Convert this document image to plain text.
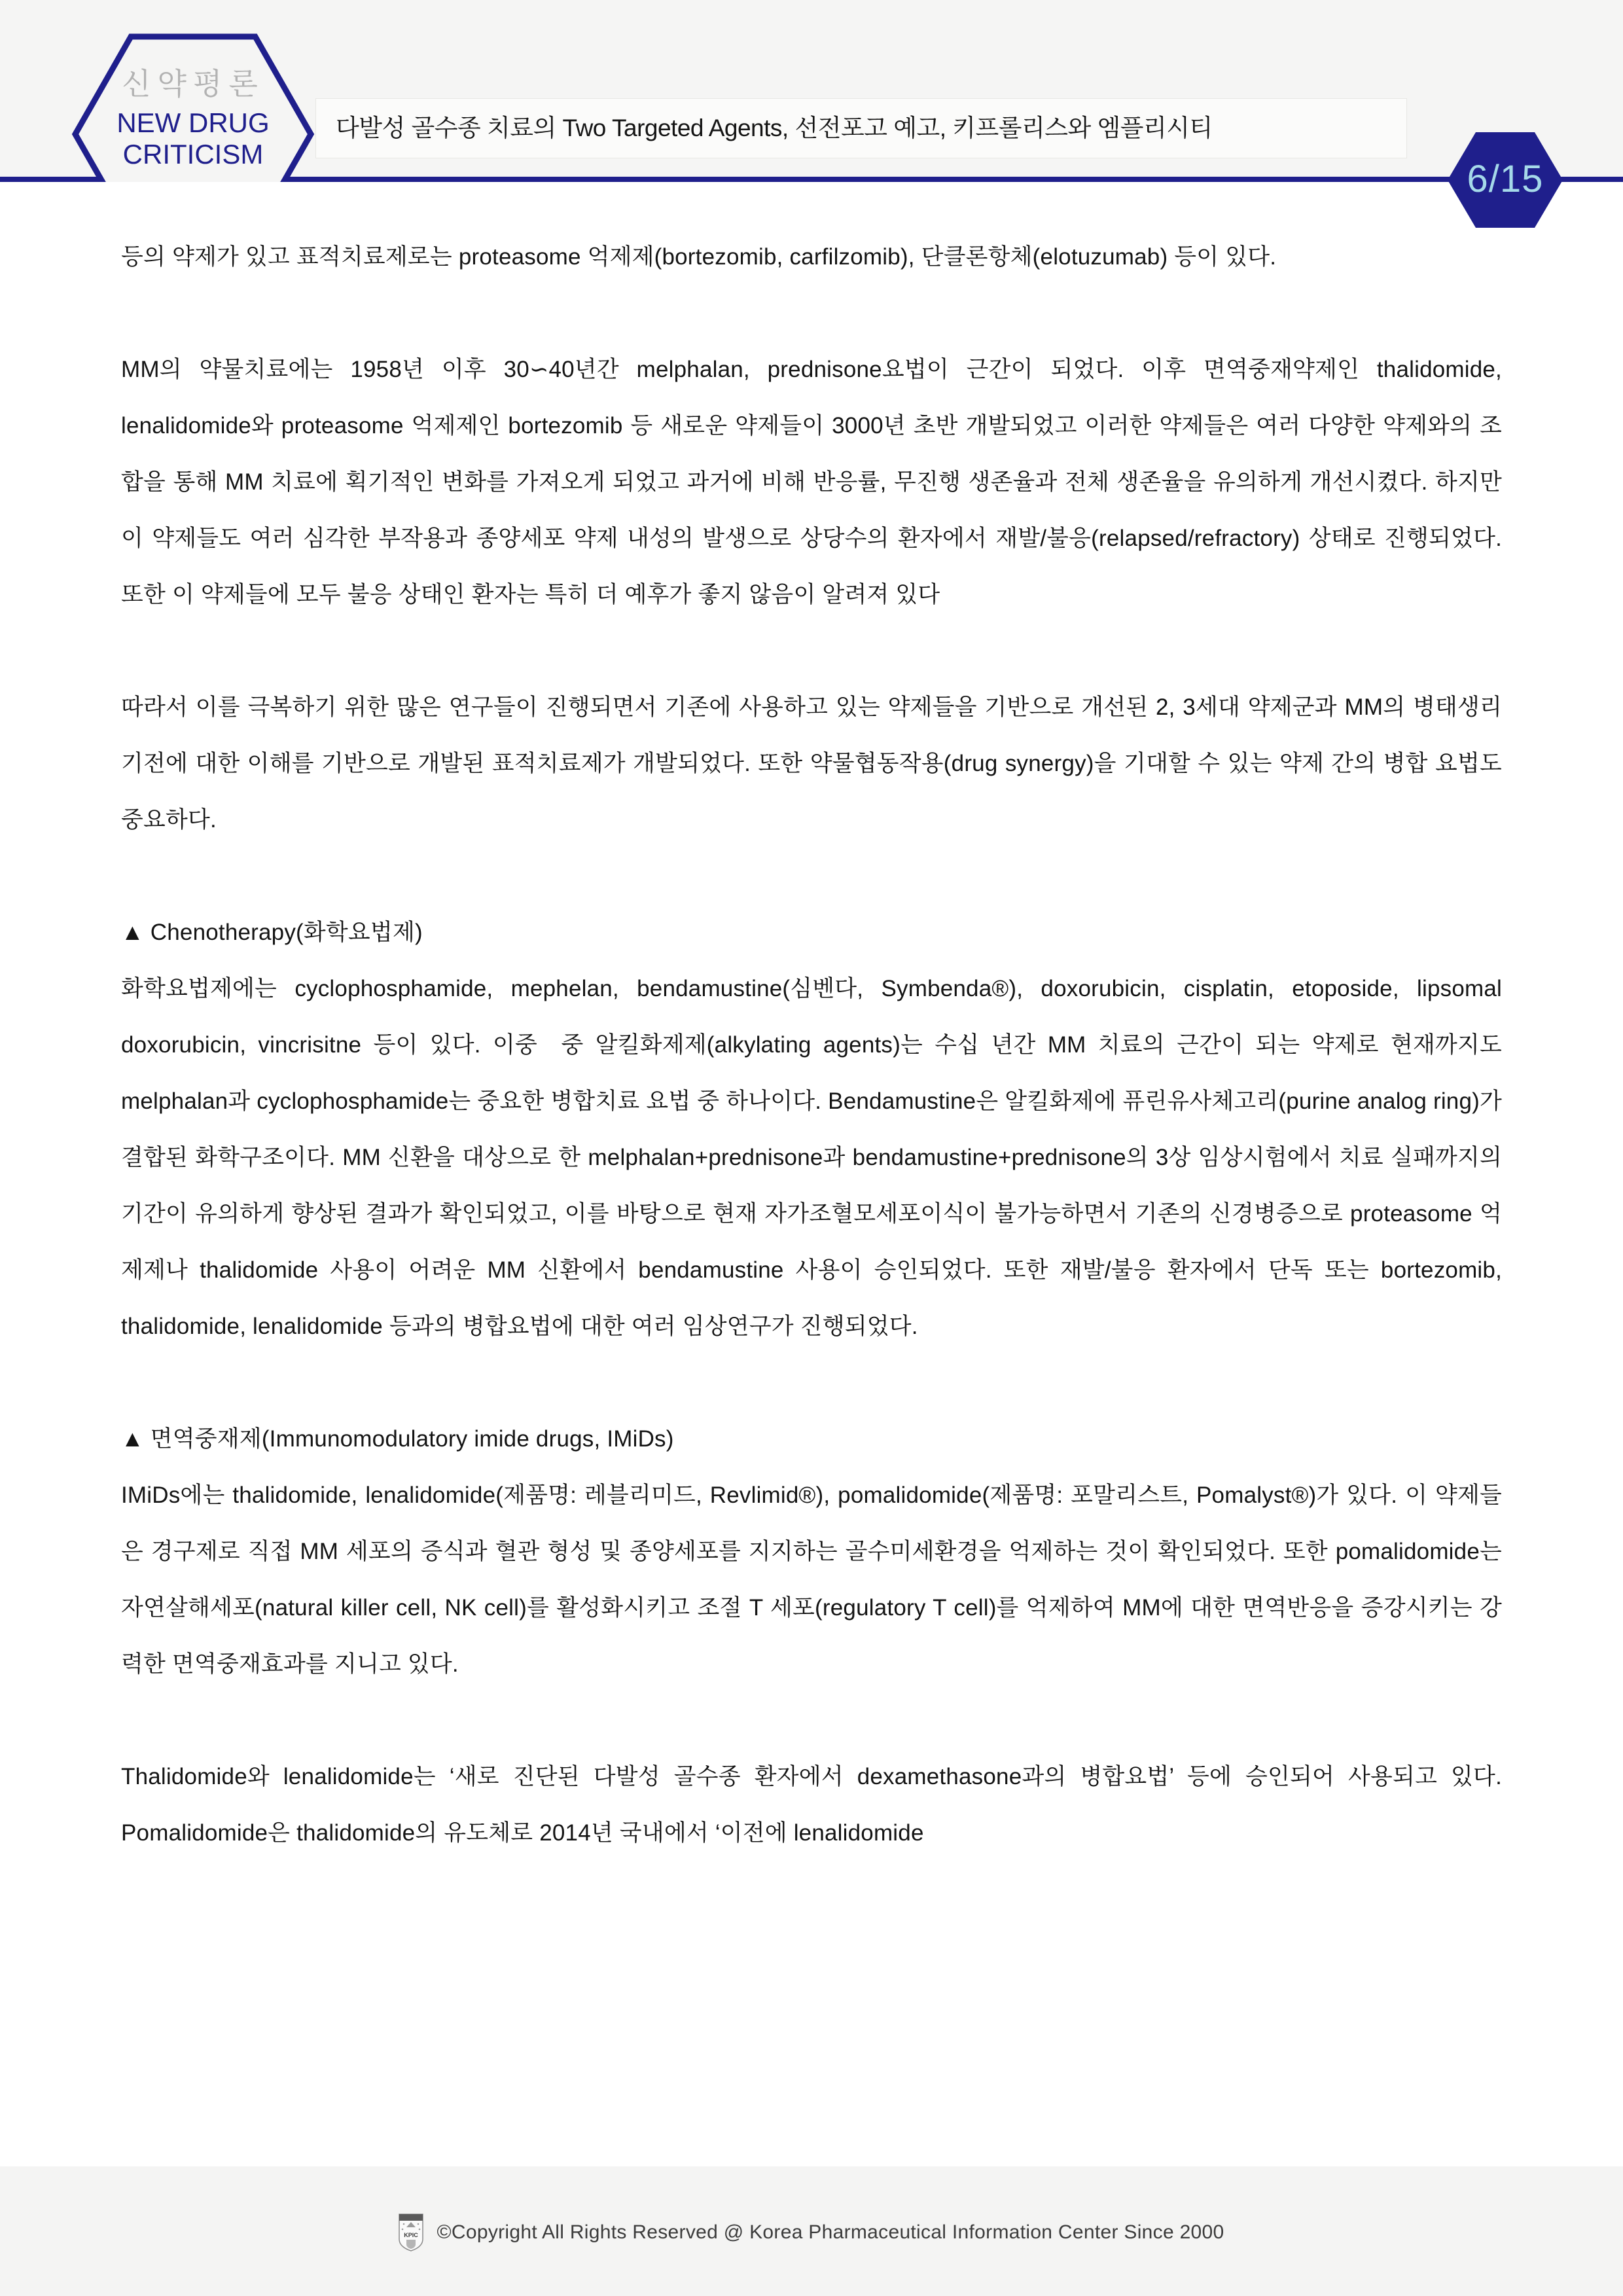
신약평론
NEW DRUG
CRITICISM
다발성 골수종 치료의 Two Targeted Agents, 선전포고 예고, 키프롤리스와 엠플리시티
6/15
등의 약제가 있고 표적치료제로는 proteasome 억제제(bortezomib, carfilzomib), 단클론항체(elotuzumab) 등이 있다.
MM의 약물치료에는 1958년 이후 30∽40년간 melphalan, prednisone요법이 근간이 되었다. 이후 면역중재약제인 thalidomide, lenalidomide와 proteasome 억제제인 bortezomib 등 새로운 약제들이 3000년 초반 개발되었고 이러한 약제들은 여러 다양한 약제와의 조합을 통해 MM 치료에 획기적인 변화를 가져오게 되었고 과거에 비해 반응률, 무진행 생존율과 전체 생존율을 유의하게 개선시켰다. 하지만 이 약제들도 여러 심각한 부작용과 종양세포 약제 내성의 발생으로 상당수의 환자에서 재발/불응(relapsed/refractory) 상태로 진행되었다. 또한 이 약제들에 모두 불응 상태인 환자는 특히 더 예후가 좋지 않음이 알려져 있다
따라서 이를 극복하기 위한 많은 연구들이 진행되면서 기존에 사용하고 있는 약제들을 기반으로 개선된 2, 3세대 약제군과 MM의 병태생리기전에 대한 이해를 기반으로 개발된 표적치료제가 개발되었다. 또한 약물협동작용(drug synergy)을 기대할 수 있는 약제 간의 병합 요법도 중요하다.
▲ Chenotherapy(화학요법제)
화학요법제에는 cyclophosphamide, mephelan, bendamustine(심벤다, Symbenda®), doxorubicin, cisplatin, etoposide, lipsomal doxorubicin, vincrisitne 등이 있다. 이중  중 알킬화제제(alkylating agents)는 수십 년간 MM 치료의 근간이 되는 약제로 현재까지도 melphalan과 cyclophosphamide는 중요한 병합치료 요법 중 하나이다. Bendamustine은 알킬화제에 퓨린유사체고리(purine analog ring)가 결합된 화학구조이다. MM 신환을 대상으로 한 melphalan+prednisone과 bendamustine+prednisone의 3상 임상시험에서 치료 실패까지의 기간이 유의하게 향상된 결과가 확인되었고, 이를 바탕으로 현재 자가조혈모세포이식이 불가능하면서 기존의 신경병증으로 proteasome 억제제나 thalidomide 사용이 어려운 MM 신환에서 bendamustine 사용이 승인되었다. 또한 재발/불응 환자에서 단독 또는 bortezomib, thalidomide, lenalidomide 등과의 병합요법에 대한 여러 임상연구가 진행되었다.
▲ 면역중재제(Immunomodulatory imide drugs, IMiDs)
IMiDs에는 thalidomide, lenalidomide(제품명: 레블리미드, Revlimid®), pomalidomide(제품명: 포말리스트, Pomalyst®)가 있다. 이 약제들은 경구제로 직접 MM 세포의 증식과 혈관 형성 및 종양세포를 지지하는 골수미세환경을 억제하는 것이 확인되었다. 또한 pomalidomide는 자연살해세포(natural killer cell, NK cell)를 활성화시키고 조절 T 세포(regulatory T cell)를 억제하여 MM에 대한 면역반응을 증강시키는 강력한 면역중재효과를 지니고 있다.
Thalidomide와 lenalidomide는 ‘새로 진단된 다발성 골수종 환자에서 dexamethasone과의 병합요법’ 등에 승인되어 사용되고 있다. Pomalidomide은 thalidomide의 유도체로 2014년 국내에서 ‘이전에 lenalidomide
KPIC ©Copyright All Rights Reserved @ Korea Pharmaceutical Information Center Since 2000
